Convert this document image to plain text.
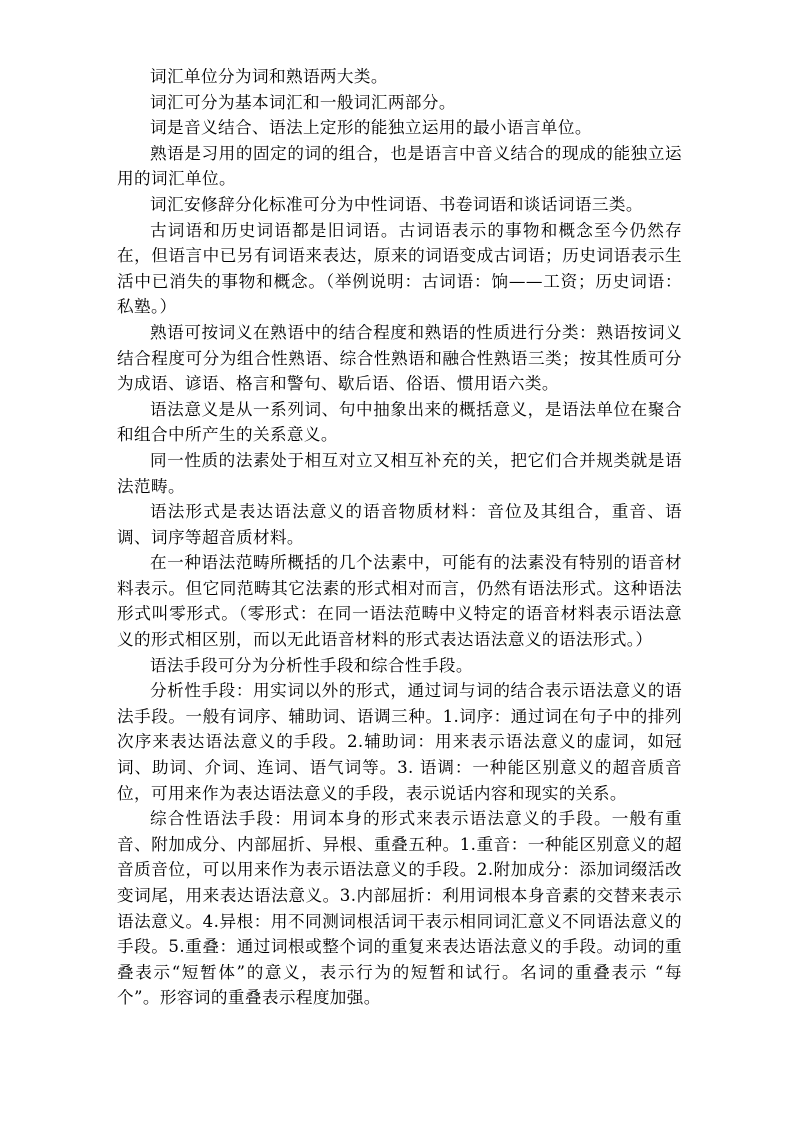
词汇单位分为词和熟语两大类。

词汇可分为基本词汇和一般词汇两部分。

词是音义结合、语法上定形的能独立运用的最小语言单位。

熟语是习用的固定的词的组合，也是语言中音义结合的现成的能独立运用的词汇单位。

词汇安修辞分化标准可分为中性词语、书卷词语和谈话词语三类。

古词语和历史词语都是旧词语。古词语表示的事物和概念至今仍然存在，但语言中已另有词语来表达，原来的词语变成古词语；历史词语表示生活中已消失的事物和概念。（举例说明：古词语：饷——工资；历史词语：私塾。）

熟语可按词义在熟语中的结合程度和熟语的性质进行分类：熟语按词义结合程度可分为组合性熟语、综合性熟语和融合性熟语三类；按其性质可分为成语、谚语、格言和警句、歇后语、俗语、惯用语六类。

语法意义是从一系列词、句中抽象出来的概括意义，是语法单位在聚合和组合中所产生的关系意义。

同一性质的法素处于相互对立又相互补充的关，把它们合并规类就是语法范畴。

语法形式是表达语法意义的语音物质材料：音位及其组合，重音、语调、词序等超音质材料。

在一种语法范畴所概括的几个法素中，可能有的法素没有特别的语音材料表示。但它同范畴其它法素的形式相对而言，仍然有语法形式。这种语法形式叫零形式。（零形式：在同一语法范畴中义特定的语音材料表示语法意义的形式相区别，而以无此语音材料的形式表达语法意义的语法形式。）

语法手段可分为分析性手段和综合性手段。

分析性手段：用实词以外的形式，通过词与词的结合表示语法意义的语法手段。一般有词序、辅助词、语调三种。1.词序：通过词在句子中的排列次序来表达语法意义的手段。2.辅助词：用来表示语法意义的虚词，如冠词、助词、介词、连词、语气词等。3. 语调：一种能区别意义的超音质音位，可用来作为表达语法意义的手段，表示说话内容和现实的关系。

综合性语法手段：用词本身的形式来表示语法意义的手段。一般有重音、附加成分、内部屈折、异根、重叠五种。1.重音：一种能区别意义的超音质音位，可以用来作为表示语法意义的手段。2.附加成分：添加词缀活改变词尾，用来表达语法意义。3.内部屈折：利用词根本身音素的交替来表示语法意义。4.异根：用不同测词根活词干表示相同词汇意义不同语法意义的手段。5.重叠：通过词根或整个词的重复来表达语法意义的手段。动词的重叠表示“短暂体”的意义，表示行为的短暂和试行。名词的重叠表示 “每个”。形容词的重叠表示程度加强。
